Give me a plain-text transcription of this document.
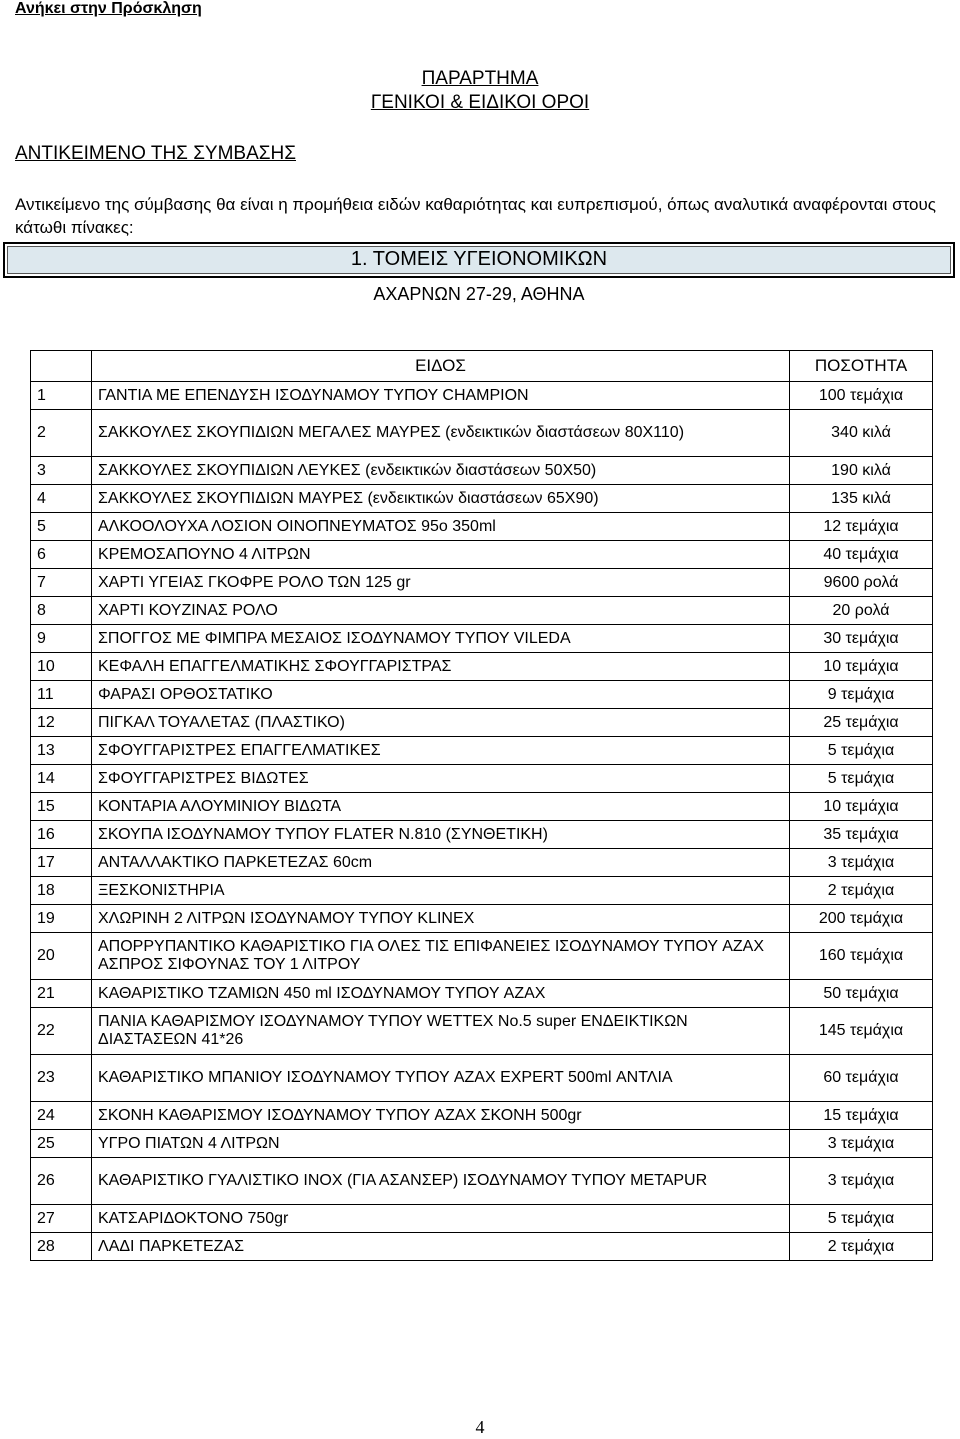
Ανήκει στην Πρόσκληση
ΠΑΡΑΡΤΗΜΑ
ΓΕΝΙΚΟΙ & ΕΙΔΙΚΟΙ ΟΡΟΙ
ΑΝΤΙΚΕΙΜΕΝΟ ΤΗΣ ΣΥΜΒΑΣΗΣ
Αντικείμενο της σύμβασης θα είναι η προμήθεια ειδών καθαριότητας και ευπρεπισμού, όπως αναλυτικά αναφέρονται στους κάτωθι πίνακες:
1. ΤΟΜΕΙΣ ΥΓΕΙΟΝΟΜΙΚΩΝ
ΑΧΑΡΝΩΝ 27-29, ΑΘΗΝΑ
	ΕΙΔΟΣ	ΠΟΣΟΤΗΤΑ
1	ΓΑΝΤΙΑ ΜΕ ΕΠΕΝΔΥΣΗ ΙΣΟΔΥΝΑΜΟΥ ΤΥΠΟΥ CHAMPION	100 τεμάχια
2	ΣΑΚΚΟΥΛΕΣ ΣΚΟΥΠΙΔΙΩΝ ΜΕΓΑΛΕΣ ΜΑΥΡΕΣ (ενδεικτικών διαστάσεων 80Χ110)	340 κιλά
3	ΣΑΚΚΟΥΛΕΣ ΣΚΟΥΠΙΔΙΩΝ ΛΕΥΚΕΣ (ενδεικτικών διαστάσεων 50Χ50)	190 κιλά
4	ΣΑΚΚΟΥΛΕΣ ΣΚΟΥΠΙΔΙΩΝ ΜΑΥΡΕΣ (ενδεικτικών διαστάσεων 65Χ90)	135 κιλά
5	ΑΛΚΟΟΛΟΥΧΑ ΛΟΣΙΟΝ ΟΙΝΟΠΝΕΥΜΑΤΟΣ 95ο 350ml	12 τεμάχια
6	ΚΡΕΜΟΣΑΠΟΥΝΟ 4 ΛΙΤΡΩΝ	40 τεμάχια
7	ΧΑΡΤΙ ΥΓΕΙΑΣ ΓΚΟΦΡΕ ΡΟΛΟ ΤΩΝ 125 gr	9600 ρολά
8	ΧΑΡΤΙ ΚΟΥΖΙΝΑΣ ΡΟΛΟ	20 ρολά
9	ΣΠΟΓΓΟΣ ΜΕ ΦΙΜΠΡΑ ΜΕΣΑΙΟΣ ΙΣΟΔΥΝΑΜΟΥ ΤΥΠΟΥ VILEDA	30 τεμάχια
10	ΚΕΦΑΛΗ ΕΠΑΓΓΕΛΜΑΤΙΚΗΣ ΣΦΟΥΓΓΑΡΙΣΤΡΑΣ	10 τεμάχια
11	ΦΑΡΑΣΙ ΟΡΘΟΣΤΑΤΙΚΟ	9 τεμάχια
12	ΠΙΓΚΑΛ ΤΟΥΑΛΕΤΑΣ (ΠΛΑΣΤΙΚΟ)	25 τεμάχια
13	ΣΦΟΥΓΓΑΡΙΣΤΡΕΣ ΕΠΑΓΓΕΛΜΑΤΙΚΕΣ	5 τεμάχια
14	ΣΦΟΥΓΓΑΡΙΣΤΡΕΣ ΒΙΔΩΤΕΣ	5 τεμάχια
15	ΚΟΝΤΑΡΙΑ ΑΛΟΥΜΙΝΙΟΥ ΒΙΔΩΤΑ	10 τεμάχια
16	ΣΚΟΥΠΑ ΙΣΟΔΥΝΑΜΟΥ ΤΥΠΟΥ FLATER N.810 (ΣΥΝΘΕΤΙΚΗ)	35 τεμάχια
17	ΑΝΤΑΛΛΑΚΤΙΚΟ ΠΑΡΚΕΤΕΖΑΣ 60cm	3 τεμάχια
18	ΞΕΣΚΟΝΙΣΤΗΡΙΑ	2 τεμάχια
19	ΧΛΩΡΙΝΗ 2 ΛΙΤΡΩΝ ΙΣΟΔΥΝΑΜΟΥ ΤΥΠΟΥ KLINEX	200 τεμάχια
20	ΑΠΟΡΡΥΠΑΝΤΙΚΟ ΚΑΘΑΡΙΣΤΙΚΟ ΓΙΑ ΟΛΕΣ ΤΙΣ ΕΠΙΦΑΝΕΙΕΣ ΙΣΟΔΥΝΑΜΟΥ ΤΥΠΟΥ AZAX ΑΣΠΡΟΣ ΣΙΦΟΥΝΑΣ ΤΟΥ 1 ΛΙΤΡΟΥ	160 τεμάχια
21	ΚΑΘΑΡΙΣΤΙΚΟ ΤΖΑΜΙΩΝ 450 ml ΙΣΟΔΥΝΑΜΟΥ ΤΥΠΟΥ AZAX	50 τεμάχια
22	ΠΑΝΙΑ ΚΑΘΑΡΙΣΜΟΥ ΙΣΟΔΥΝΑΜΟΥ ΤΥΠΟΥ WETTEX No.5 super ΕΝΔΕΙΚΤΙΚΩΝ ΔΙΑΣΤΑΣΕΩΝ 41*26	145 τεμάχια
23	ΚΑΘΑΡΙΣΤΙΚΟ ΜΠΑΝΙΟΥ ΙΣΟΔΥΝΑΜΟΥ ΤΥΠΟΥ AZAX EXPERT 500ml ΑΝΤΛΙΑ	60 τεμάχια
24	ΣΚΟΝΗ ΚΑΘΑΡΙΣΜΟΥ ΙΣΟΔΥΝΑΜΟΥ ΤΥΠΟΥ AZAX ΣΚΟΝΗ 500gr	15 τεμάχια
25	ΥΓΡΟ ΠΙΑΤΩΝ 4 ΛΙΤΡΩΝ	3 τεμάχια
26	ΚΑΘΑΡΙΣΤΙΚΟ ΓΥΑΛΙΣΤΙΚΟ ΙΝΟΧ (ΓΙΑ ΑΣΑΝΣΕΡ) ΙΣΟΔΥΝΑΜΟΥ ΤΥΠΟΥ METAPUR	3 τεμάχια
27	ΚΑΤΣΑΡΙΔΟΚΤΟΝΟ 750gr	5 τεμάχια
28	ΛΑΔΙ ΠΑΡΚΕΤΕΖΑΣ	2 τεμάχια
4
